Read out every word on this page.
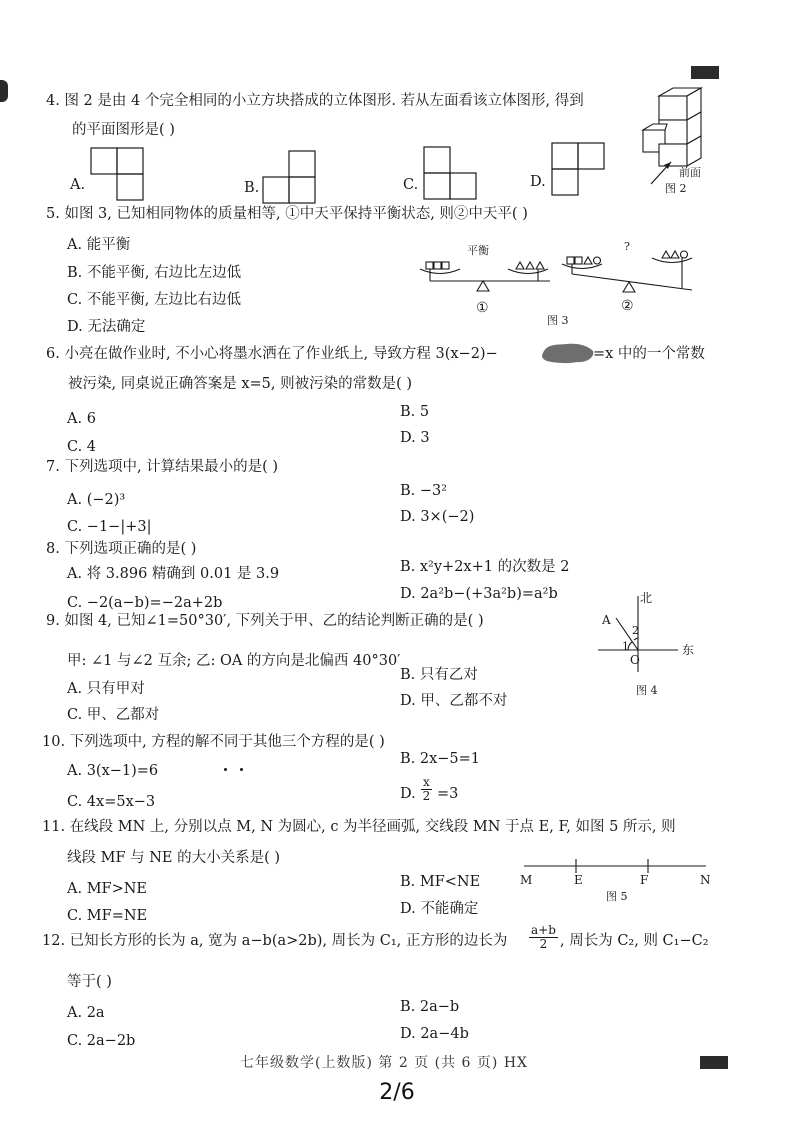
4. 图 2 是由 4 个完全相同的小立方块搭成的立体图形. 若从左面看该立体图形, 得到
的平面图形是( )
A.	B.	C.	D.
前面
图 2
5. 如图 3, 已知相同物体的质量相等, ①中天平保持平衡状态, 则②中天平( )
A. 能平衡
B. 不能平衡, 右边比左边低
C. 不能平衡, 左边比右边低
D. 无法确定
平衡	?
①	②
图 3
6. 小亮在做作业时, 不小心将墨水洒在了作业纸上, 导致方程 3(x−2)−	=x 中的一个常数
被污染, 同桌说正确答案是 x=5, 则被污染的常数是( )
A. 6	B. 5
C. 4
D. 3
7. 下列选项中, 计算结果最小的是( )
A. (−2)³
B. −3²
C. −1−|+3|
D. 3×(−2)
8. 下列选项正确的是( )
A. 将 3.896 精确到 0.01 是 3.9	B. x²y+2x+1 的次数是 2
C. −2(a−b)=−2a+2b
D. 2a²b−(+3a²b)=a²b
9. 如图 4, 已知∠1=50°30′, 下列关于甲、乙的结论判断正确的是( )
甲: ∠1 与∠2 互余; 乙: OA 的方向是北偏西 40°30′
A. 只有甲对
B. 只有乙对
C. 甲、乙都对
D. 甲、乙都不对
北
东
A
O
1
2
图 4
10. 下列选项中, 方程的解不同于其他三个方程的是( )
A. 3(x−1)=6
B. 2x−5=1
C. 4x=5x−3	D. $\frac{x}{2} =3$
11. 在线段 MN 上, 分别以点 M, N 为圆心, c 为半径画弧, 交线段 MN 于点 E, F, 如图 5 所示, 则
线段 MF 与 NE 的大小关系是( )
A. MF>NE	B. MF<NE
C. MF=NE	D. 不能确定
M	E	F	N
图 5
12. 已知长方形的长为 a, 宽为 a−b(a>2b), 周长为 C₁, 正方形的边长为 $\frac{a+b}{2}$ , 周长为 C₂, 则 C₁−C₂
等于( )
A. 2a	B. 2a−b
C. 2a−2b	D. 2a−4b
七年级数学(上数版) 第 2 页 (共 6 页) HX
2/6
